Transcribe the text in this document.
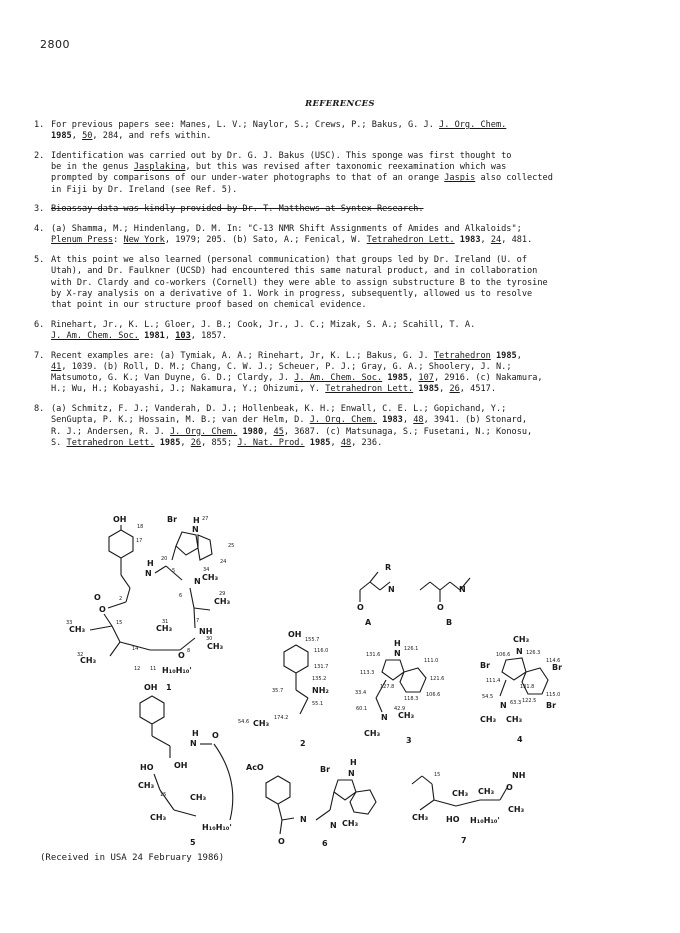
2800
REFERENCES
1. For previous papers see: Manes, L. V.; Naylor, S.; Crews, P.; Bakus, G. J. J. Org. Chem.
1985, 50, 284, and refs within.
2. Identification was carried out by Dr. G. J. Bakus (USC). This sponge was first thought to
be in the genus Jasplakina, but this was revised after taxonomic reexamination which was
prompted by comparisons of our under-water photographs to that of an orange Jaspis also collected
in Fiji by Dr. Ireland (see Ref. 5).
3. Bioassay data was kindly provided by Dr. T. Matthews at Syntex Research.
4. (a) Shamma, M.; Hindenlang, D. M. In: "C-13 NMR Shift Assignments of Amides and Alkaloids";
Plenum Press: New York, 1979; 205. (b) Sato, A.; Fenical, W. Tetrahedron Lett. 1983, 24, 481.
5. At this point we also learned (personal communication) that groups led by Dr. Ireland (U. of
Utah), and Dr. Faulkner (UCSD) had encountered this same natural product, and in collaboration
with Dr. Clardy and co-workers (Cornell) they were able to assign substructure B to the tyrosine
by X-ray analysis on a derivative of 1. Work in progress, subsequently, allowed us to resolve
that point in our structure proof based on chemical evidence.
6. Rinehart, Jr., K. L.; Gloer, J. B.; Cook, Jr., J. C.; Mizak, S. A.; Scahill, T. A.
J. Am. Chem. Soc. 1981, 103, 1857.
7. Recent examples are: (a) Tymiak, A. A.; Rinehart, Jr, K. L.; Bakus, G. J. Tetrahedron 1985,
41, 1039. (b) Roll, D. M.; Chang, C. W. J.; Scheuer, P. J.; Gray, G. A.; Shoolery, J. N.;
Matsumoto, G. K.; Van Duyne, G. D.; Clardy, J. J. Am. Chem. Soc. 1985, 107, 2916. (c) Nakamura,
H.; Wu, H.; Kobayashi, J.; Nakamura, Y.; Ohizumi, Y. Tetrahedron Lett. 1985, 26, 4517.
8. (a) Schmitz, F. J.; Vanderah, D. J.; Hollenbeak, K. H.; Enwall, C. E. L.; Gopichand, Y.;
SenGupta, P. K.; Hossain, M. B.; van der Helm, D. J. Org. Chem. 1983, 48, 3941. (b) Stonard,
R. J.; Andersen, R. J. J. Org. Chem. 1980, 45, 3687. (c) Matsunaga, S.; Fusetani, N.; Konosu,
S. Tetrahedron Lett. 1985, 26, 855; J. Nat. Prod. 1985, 48, 236.
OH
18
17
Br H
N
27
25
24
20
H
N	5
N CH₃
34
CH₃
29
6
7
NH
O 8
2
O
O
CH₃
33	15
CH₃
32
CH₃
31
14	CH₃
30
H₁₀H₁₀'
12 11
1
R
O
N
A
O
N
B
OH
155.7
116.0
131.7
135.2
35.7	NH₂
55.1
54.6 CH₃
174.2
2
H
N
131.6
126.1
111.0
113.3
121.6
127.8
118.3
106.6
33.4
60.1
N CH₃
CH₃
42.9
3
CH₃
N
Br	Br
Br
106.6	126.3
114.6
111.4
131.8
122.5
115.0
54.5
N 63.3
CH₃ CH₃
4
OH
H
N
O
OH
HO
CH₃
15	CH₃
CH₃
H₁₀H₁₀'
5
AcO
N
O
Br
H
N
N CH₃
6
15
CH₃ HO
CH₃
H₁₀H₁₀'
CH₃
CH₃
O
NH
7
(Received in USA 24 February 1986)
